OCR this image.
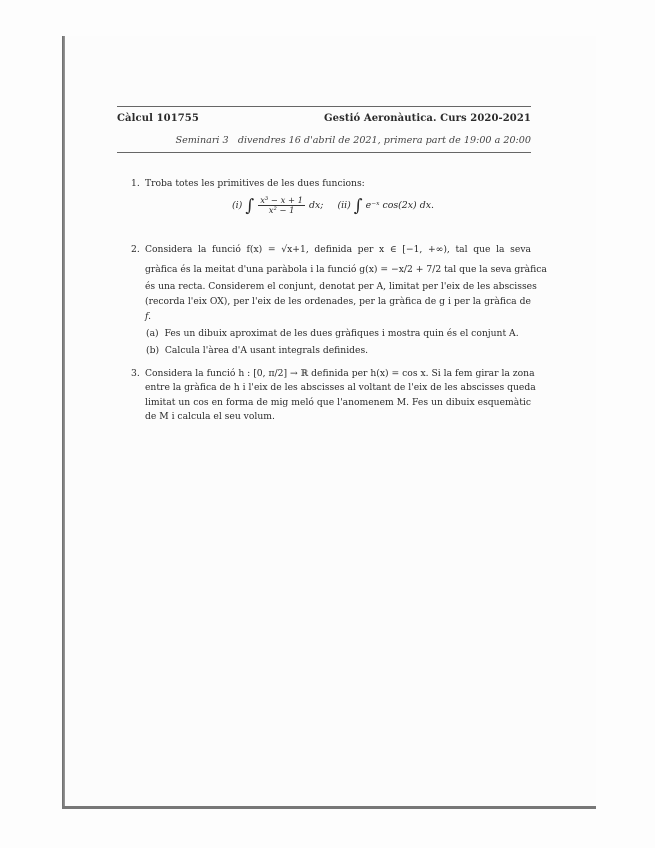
Càlcul 101755	Gestió Aeronàutica. Curs 2020-2021
Seminari 3 divendres 16 d'abril de 2021, primera part de 19:00 a 20:00
1. Troba totes les primitives de les dues funcions:
(i) ∫ $\frac{\text{x³ − x + 1}}{\text{x² − 1}}$ dx; (ii) ∫ e⁻ˣ cos(2x) dx.
2. Considera la funció f(x) = √x+1, definida per x ∈ [−1, +∞), tal que la seva
gràfica és la meitat d'una paràbola i la funció g(x) = −x/2 + 7/2 tal que la seva gràfica
és una recta. Considerem el conjunt, denotat per A, limitat per l'eix de les abscisses
(recorda l'eix OX), per l'eix de les ordenades, per la gràfica de g i per la gràfica de
f.
(a) Fes un dibuix aproximat de les dues gràfiques i mostra quin és el conjunt A.
(b) Calcula l'àrea d'A usant integrals definides.
3. Considera la funció h : [0, π/2] → ℝ definida per h(x) = cos x. Si la fem girar la zona
entre la gràfica de h i l'eix de les abscisses al voltant de l'eix de les abscisses queda
limitat un cos en forma de mig meló que l'anomenem M. Fes un dibuix esquemàtic
de M i calcula el seu volum.
